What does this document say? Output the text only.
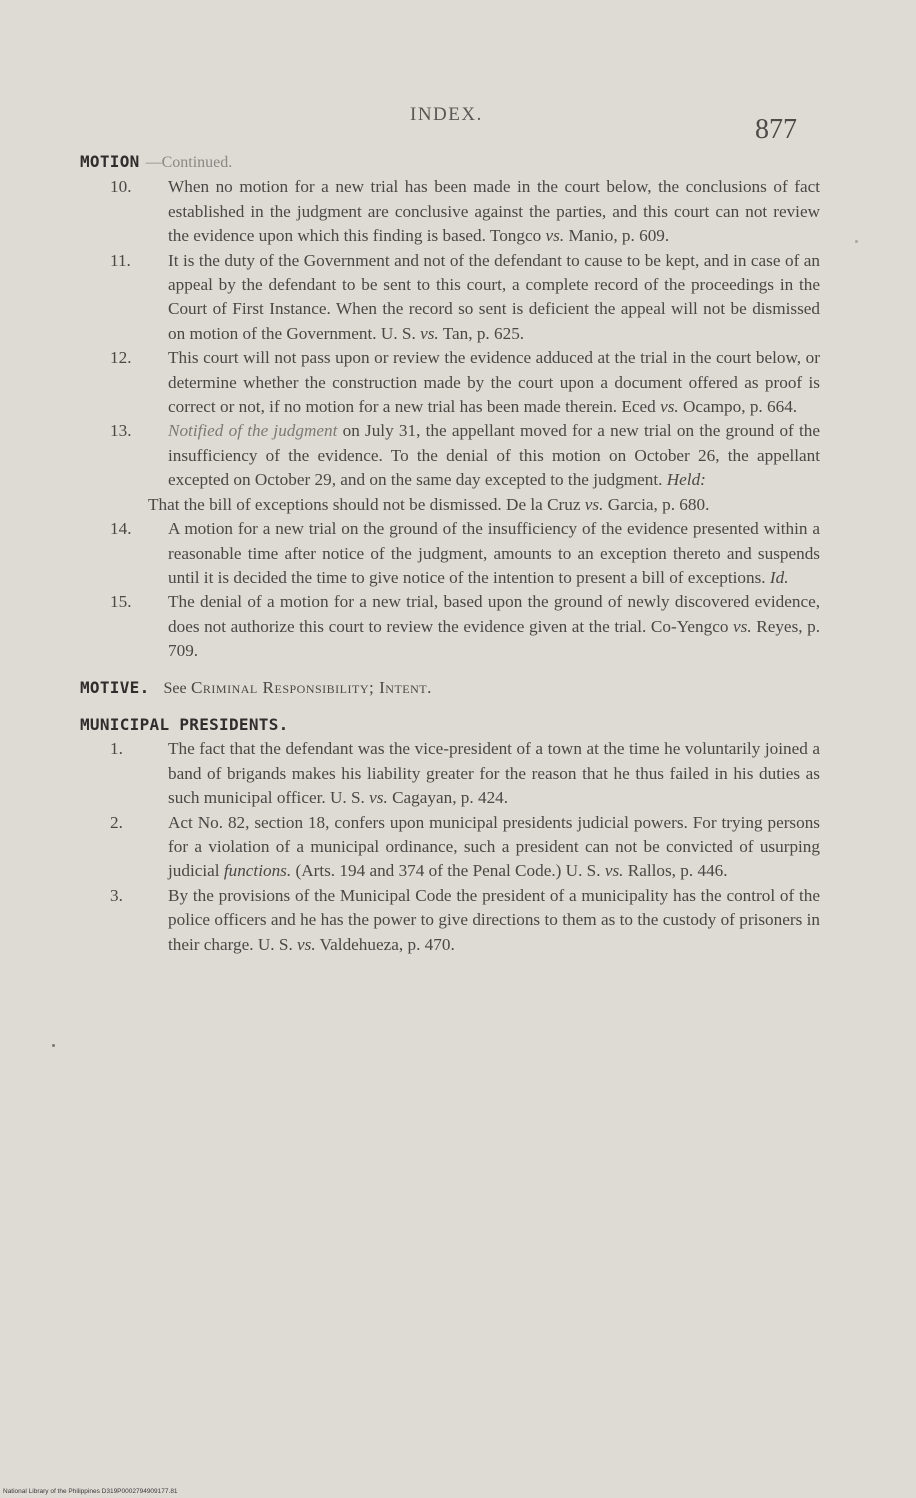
INDEX.	877
MOTION —Continued.
10. When no motion for a new trial has been made in the court below, the conclusions of fact established in the judgment are conclusive against the parties, and this court can not review the evidence upon which this finding is based. Tongco vs. Manio, p. 609.
11. It is the duty of the Government and not of the defendant to cause to be kept, and in case of an appeal by the defendant to be sent to this court, a complete record of the proceedings in the Court of First Instance. When the record so sent is deficient the appeal will not be dismissed on motion of the Government. U. S. vs. Tan, p. 625.
12. This court will not pass upon or review the evidence adduced at the trial in the court below, or determine whether the construction made by the court upon a document offered as proof is correct or not, if no motion for a new trial has been made therein. Eced vs. Ocampo, p. 664.
13. Notified of the judgment on July 31, the appellant moved for a new trial on the ground of the insufficiency of the evidence. To the denial of this motion on October 26, the appellant excepted on October 29, and on the same day excepted to the judgment. Held:
That the bill of exceptions should not be dismissed. De la Cruz vs. Garcia, p. 680.
14. A motion for a new trial on the ground of the insufficiency of the evidence presented within a reasonable time after notice of the judgment, amounts to an exception thereto and suspends until it is decided the time to give notice of the intention to present a bill of exceptions. Id.
15. The denial of a motion for a new trial, based upon the ground of newly discovered evidence, does not authorize this court to review the evidence given at the trial. Co-Yengco vs. Reyes, p. 709.
MOTIVE. See Criminal Responsibility; Intent.
MUNICIPAL PRESIDENTS.
1.	The fact that the defendant was the vice-president of a town at the time he voluntarily joined a band of brigands makes his liability greater for the reason that he thus failed in his duties as such municipal officer. U. S. vs. Cagayan, p. 424.
2.	Act No. 82, section 18, confers upon municipal presidents judicial powers. For trying persons for a violation of a municipal ordinance, such a president can not be convicted of usurping judicial functions. (Arts. 194 and 374 of the Penal Code.) U. S. vs. Rallos, p. 446.
3.	By the provisions of the Municipal Code the president of a municipality has the control of the police officers and he has the power to give directions to them as to the custody of prisoners in their charge. U. S. vs. Valdehueza, p. 470.
National Library of the Philippines D319P0002794909177.81
